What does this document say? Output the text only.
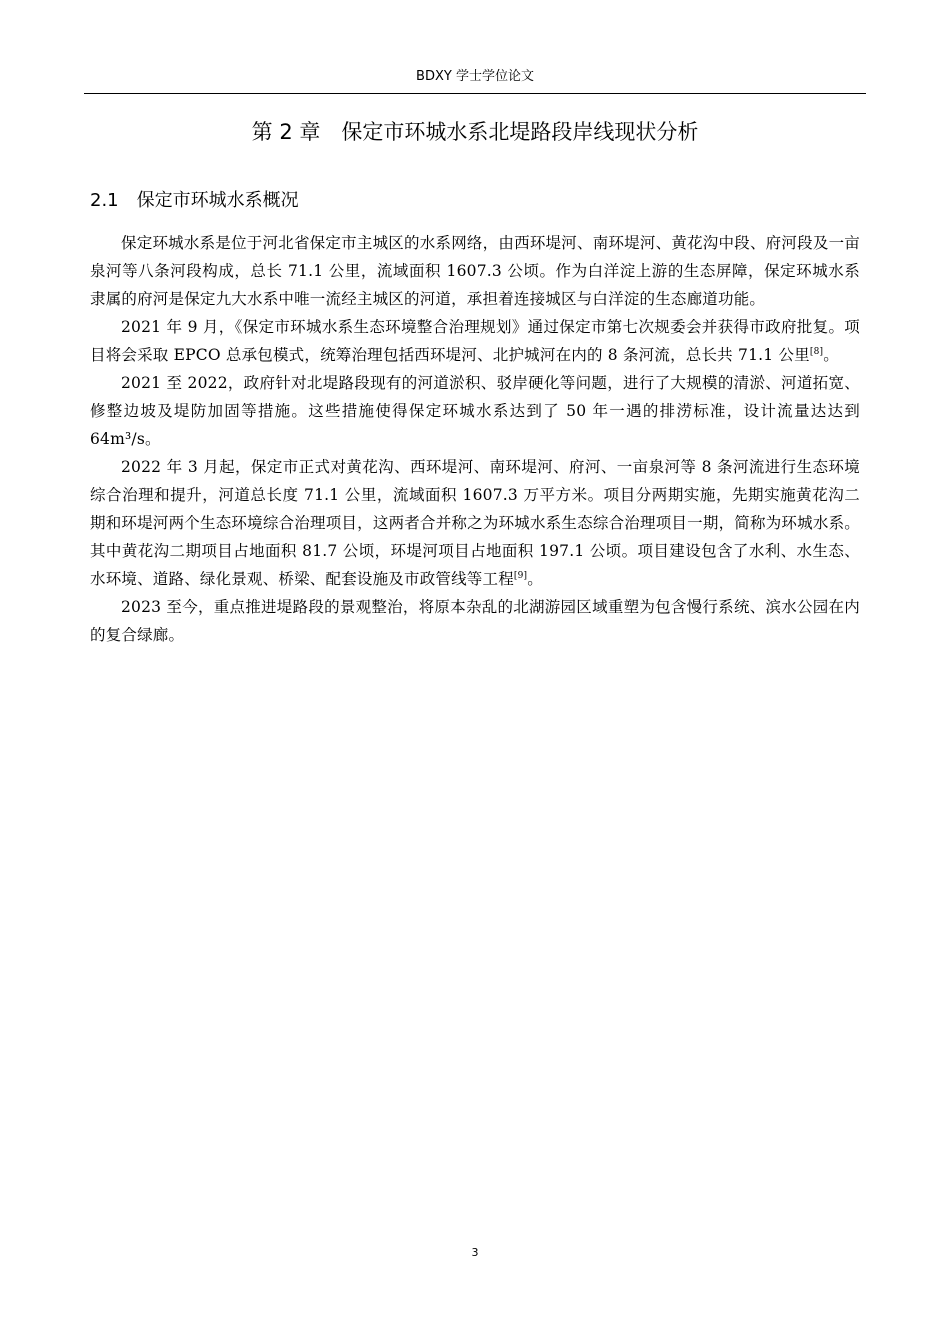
BDXY 学士学位论文
第 2 章　保定市环城水系北堤路段岸线现状分析
2.1　保定市环城水系概况

保定环城水系是位于河北省保定市主城区的水系网络，由西环堤河、南环堤河、黄花沟中段、府河段及一亩泉河等八条河段构成，总长 71.1 公里，流域面积 1607.3 公顷。作为白洋淀上游的生态屏障，保定环城水系隶属的府河是保定九大水系中唯一流经主城区的河道，承担着连接城区与白洋淀的生态廊道功能。

2021 年 9 月，《保定市环城水系生态环境整合治理规划》通过保定市第七次规委会并获得市政府批复。项目将会采取 EPCO 总承包模式，统筹治理包括西环堤河、北护城河在内的 8 条河流，总长共 71.1 公里[8]。

2021 至 2022，政府针对北堤路段现有的河道淤积、驳岸硬化等问题，进行了大规模的清淤、河道拓宽、修整边坡及堤防加固等措施。这些措施使得保定环城水系达到了 50 年一遇的排涝标准，设计流量达达到 64m³/s。

2022 年 3 月起，保定市正式对黄花沟、西环堤河、南环堤河、府河、一亩泉河等 8 条河流进行生态环境综合治理和提升，河道总长度 71.1 公里，流域面积 1607.3 万平方米。项目分两期实施，先期实施黄花沟二期和环堤河两个生态环境综合治理项目，这两者合并称之为环城水系生态综合治理项目一期，简称为环城水系。其中黄花沟二期项目占地面积 81.7 公顷，环堤河项目占地面积 197.1 公顷。项目建设包含了水利、水生态、水环境、道路、绿化景观、桥梁、配套设施及市政管线等工程[9]。

2023 至今，重点推进堤路段的景观整治，将原本杂乱的北湖游园区域重塑为包含慢行系统、滨水公园在内的复合绿廊。

3
